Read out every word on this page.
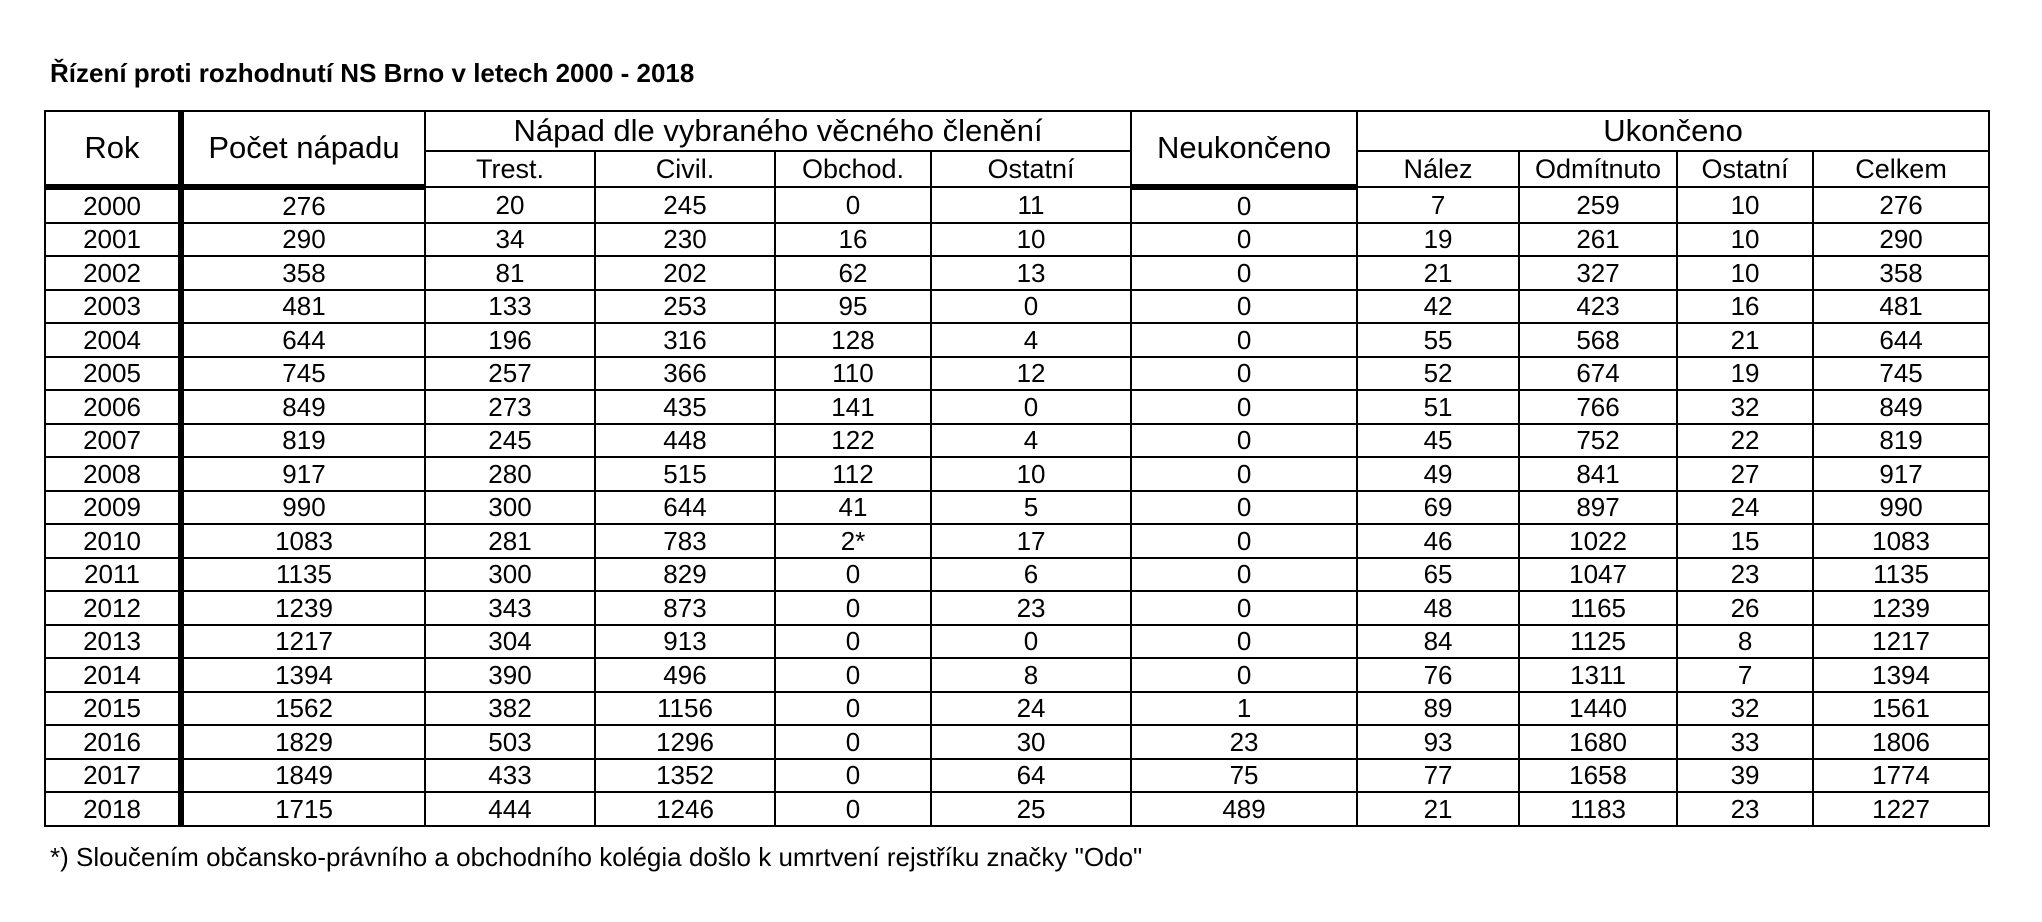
Řízení proti rozhodnutí NS Brno v letech 2000 - 2018
Rok	Počet nápadu	Nápad dle vybraného věcného členění				Neukončeno	Ukončeno			
		Trest.	Civil.	Obchod.	Ostatní		Nález	Odmítnuto	Ostatní	Celkem
2000	276	20	245	0	11	0	7	259	10	276
2001	290	34	230	16	10	0	19	261	10	290
2002	358	81	202	62	13	0	21	327	10	358
2003	481	133	253	95	0	0	42	423	16	481
2004	644	196	316	128	4	0	55	568	21	644
2005	745	257	366	110	12	0	52	674	19	745
2006	849	273	435	141	0	0	51	766	32	849
2007	819	245	448	122	4	0	45	752	22	819
2008	917	280	515	112	10	0	49	841	27	917
2009	990	300	644	41	5	0	69	897	24	990
2010	1083	281	783	2*	17	0	46	1022	15	1083
2011	1135	300	829	0	6	0	65	1047	23	1135
2012	1239	343	873	0	23	0	48	1165	26	1239
2013	1217	304	913	0	0	0	84	1125	8	1217
2014	1394	390	496	0	8	0	76	1311	7	1394
2015	1562	382	1156	0	24	1	89	1440	32	1561
2016	1829	503	1296	0	30	23	93	1680	33	1806
2017	1849	433	1352	0	64	75	77	1658	39	1774
2018	1715	444	1246	0	25	489	21	1183	23	1227
*) Sloučením občansko-právního a obchodního kolégia došlo k umrtvení rejstříku značky "Odo"
